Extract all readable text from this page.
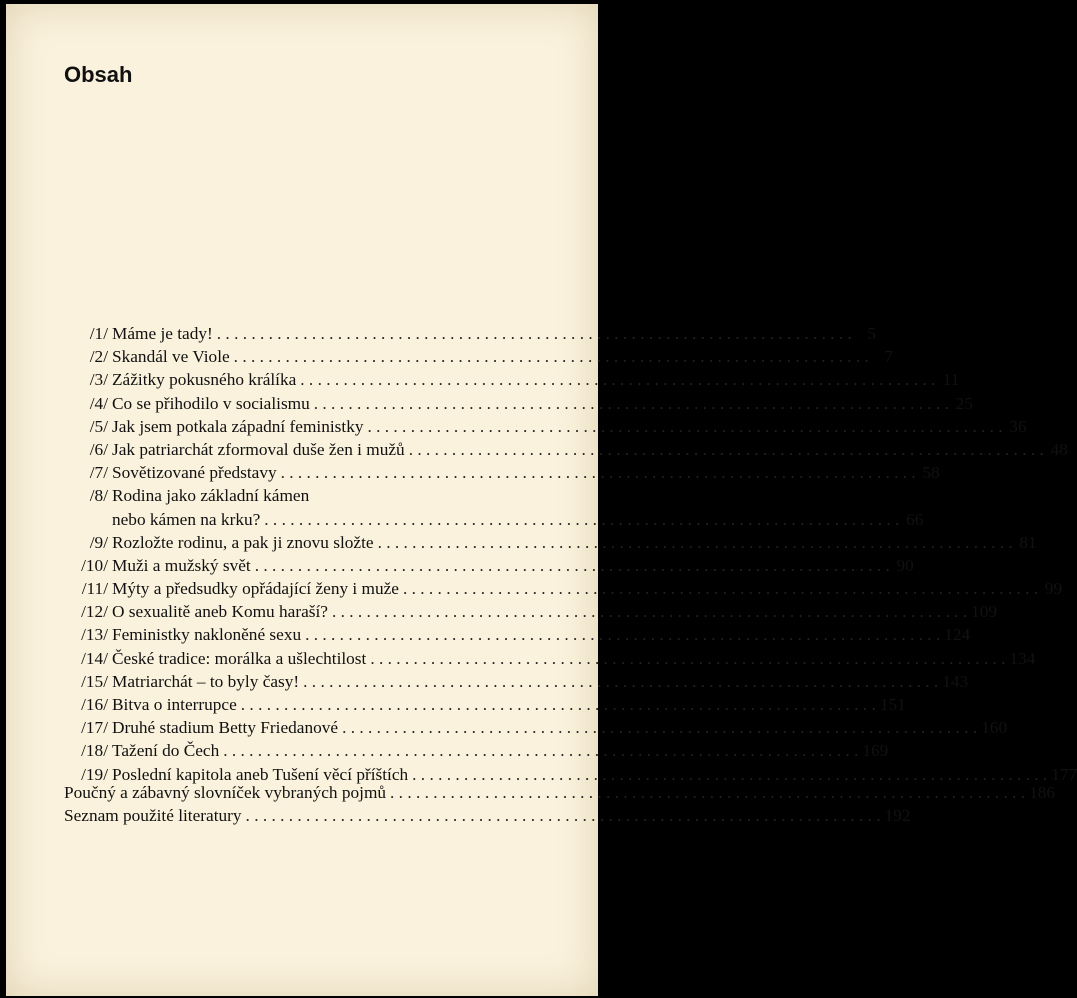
Obsah
/1/ Máme je tady! . . .	5
/2/ Skandál ve Viole . . .	7
/3/ Zážitky pokusného králíka . . .	11
/4/ Co se přihodilo v socialismu . . .	25
/5/ Jak jsem potkala západní feministky . . .	36
/6/ Jak patriarchát zformoval duše žen i mužů . . .	48
/7/ Sovětizované představy . . .	58
/8/ Rodina jako základní kámen
nebo kámen na krku? . . .	66
/9/ Rozložte rodinu, a pak ji znovu složte . . .	81
/10/ Muži a mužský svět . . .	90
/11/ Mýty a předsudky opřádající ženy i muže . . .	99
/12/ O sexualitě aneb Komu haraší? . . .	109
/13/ Feministky nakloněné sexu . . .	124
/14/ České tradice: morálka a ušlechtilost . . .	134
/15/ Matriarchát – to byly časy! . . .	143
/16/ Bitva o interrupce . . .	151
/17/ Druhé stadium Betty Friedanové . . .	160
/18/ Tažení do Čech . . .	169
/19/ Poslední kapitola aneb Tušení věcí příštích . . .	177
Poučný a zábavný slovníček vybraných pojmů . . .	186
Seznam použité literatury . . .	192
